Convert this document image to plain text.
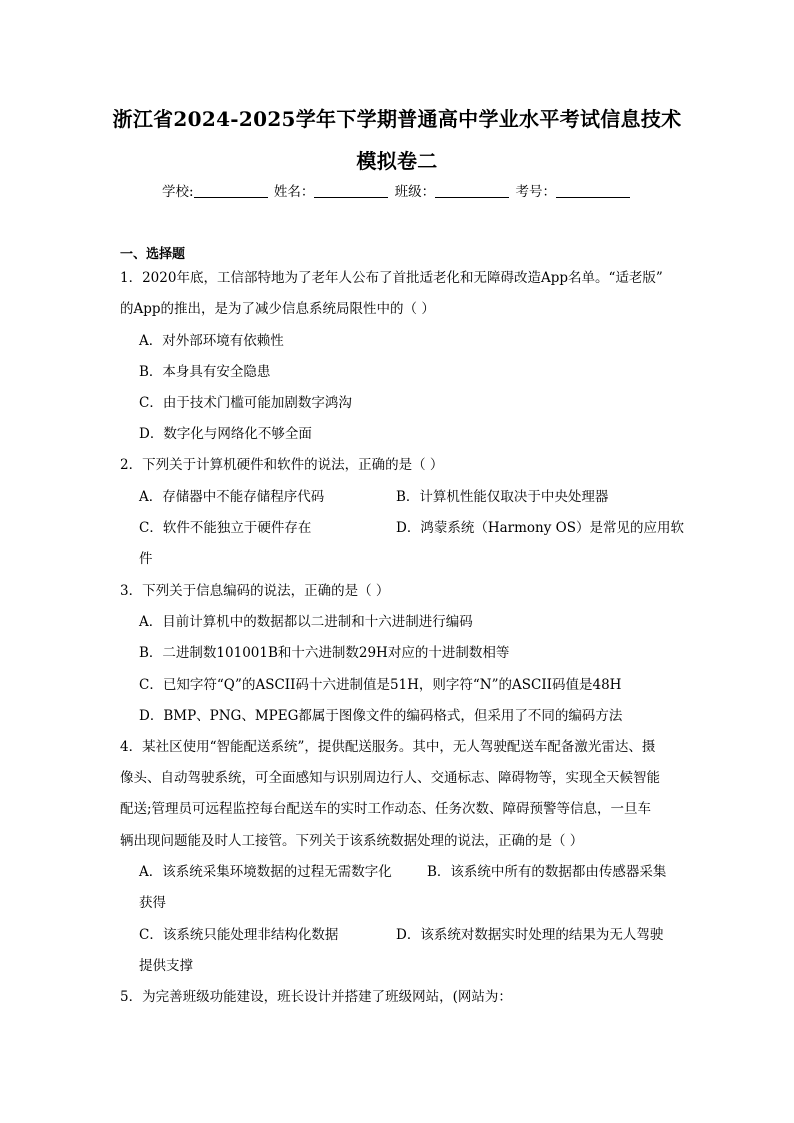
浙江省2024-2025学年下学期普通高中学业水平考试信息技术
模拟卷二
学校:	姓名：	班级：	考号：
一、选择题
1．2020年底，工信部特地为了老年人公布了首批适老化和无障碍改造App名单。“适老版”
的App的推出，是为了减少信息系统局限性中的（ ）
A．对外部环境有依赖性
B．本身具有安全隐患
C．由于技术门槛可能加剧数字鸿沟
D．数字化与网络化不够全面
2．下列关于计算机硬件和软件的说法，正确的是（ ）
A．存储器中不能存储程序代码	B．计算机性能仅取决于中央处理器
C．软件不能独立于硬件存在	D．鸿蒙系统（Harmony OS）是常见的应用软
件
3．下列关于信息编码的说法，正确的是（ ）
A．目前计算机中的数据都以二进制和十六进制进行编码
B．二进制数101001B和十六进制数29H对应的十进制数相等
C．已知字符“Q”的ASCII码十六进制值是51H，则字符“N”的ASCII码值是48H
D．BMP、PNG、MPEG都属于图像文件的编码格式，但采用了不同的编码方法
4．某社区使用“智能配送系统”，提供配送服务。其中，无人驾驶配送车配备激光雷达、摄
像头、自动驾驶系统，可全面感知与识别周边行人、交通标志、障碍物等，实现全天候智能
配送;管理员可远程监控每台配送车的实时工作动态、任务次数、障碍预警等信息，一旦车
辆出现问题能及时人工接管。下列关于该系统数据处理的说法，正确的是（ ）
A．该系统采集环境数据的过程无需数字化	B．该系统中所有的数据都由传感器采集
获得
C．该系统只能处理非结构化数据	D．该系统对数据实时处理的结果为无人驾驶
提供支撑
5．为完善班级功能建设，班长设计并搭建了班级网站，(网站为：
